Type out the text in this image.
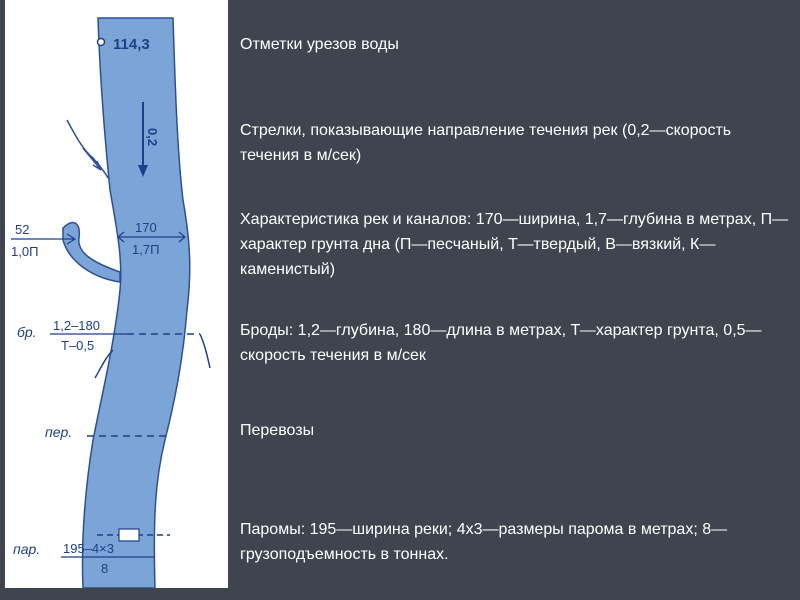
114,3
0,2
170
1,7П
52
1,0П
бр. 1,2–180
Т–0,5
пер.
пар. 195–4×3
8
Отметки урезов воды
Стрелки, показывающие направление течения рек (0,2—скорость течения в м/сек)
Характеристика рек и каналов: 170—ширина, 1,7—глубина в метрах, П—характер грунта дна (П—песчаный, Т—твердый, В—вязкий, К—каменистый)
Броды: 1,2—глубина, 180—длина в метрах, Т—характер грунта, 0,5—скорость течения в м/сек
Перевозы
Паромы: 195—ширина реки; 4х3—размеры парома в метрах; 8—грузоподъемность в тоннах.
